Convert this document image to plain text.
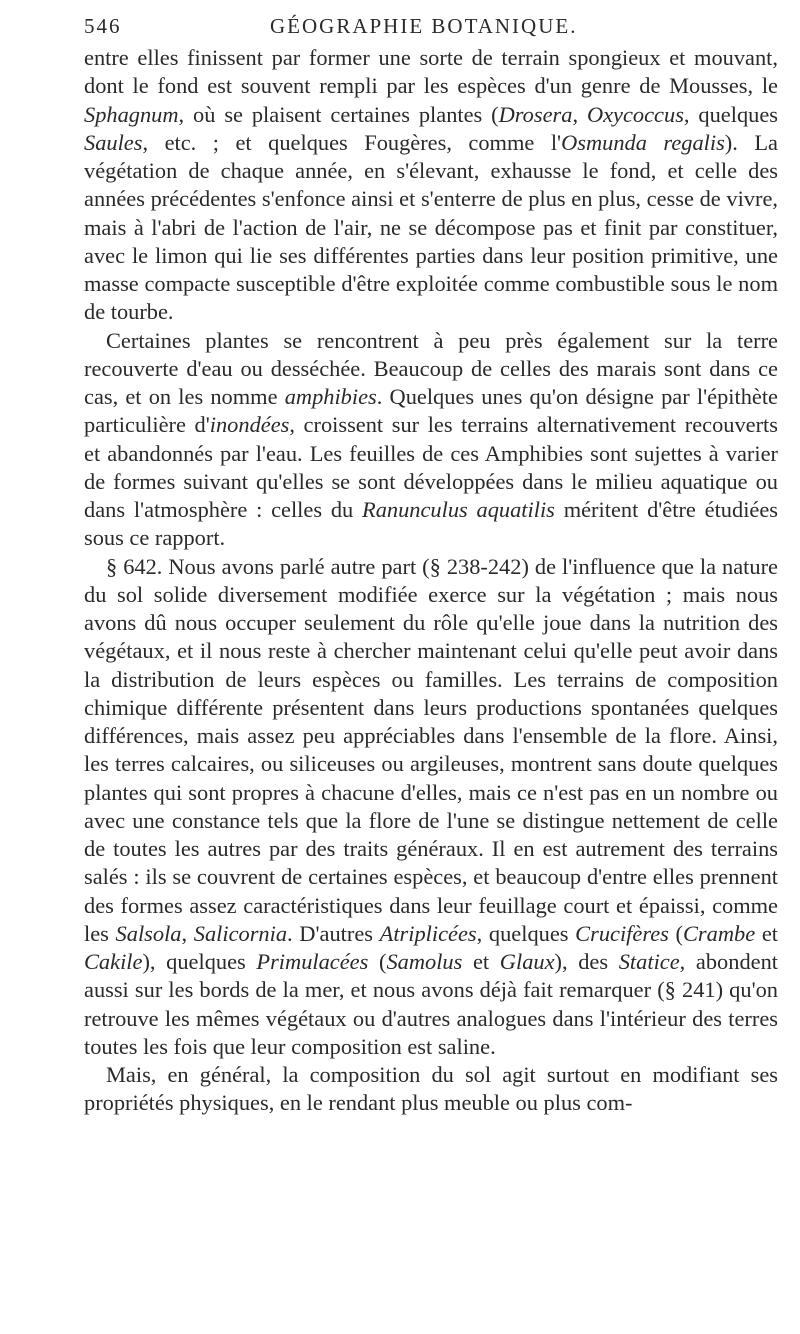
546	GÉOGRAPHIE BOTANIQUE.

entre elles finissent par former une sorte de terrain spongieux et mouvant, dont le fond est souvent rempli par les espèces d'un genre de Mousses, le Sphagnum, où se plaisent certaines plantes (Drosera, Oxycoccus, quelques Saules, etc. ; et quelques Fougères, comme l'Osmunda regalis). La végétation de chaque année, en s'élevant, exhausse le fond, et celle des années précédentes s'enfonce ainsi et s'enterre de plus en plus, cesse de vivre, mais à l'abri de l'action de l'air, ne se décompose pas et finit par constituer, avec le limon qui lie ses différentes parties dans leur position primitive, une masse compacte susceptible d'être exploitée comme combustible sous le nom de tourbe.

Certaines plantes se rencontrent à peu près également sur la terre recouverte d'eau ou desséchée. Beaucoup de celles des marais sont dans ce cas, et on les nomme amphibies. Quelques unes qu'on désigne par l'épithète particulière d'inondées, croissent sur les terrains alternativement recouverts et abandonnés par l'eau. Les feuilles de ces Amphibies sont sujettes à varier de formes suivant qu'elles se sont développées dans le milieu aquatique ou dans l'atmosphère : celles du Ranunculus aquatilis méritent d'être étudiées sous ce rapport.

§ 642. Nous avons parlé autre part (§ 238-242) de l'influence que la nature du sol solide diversement modifiée exerce sur la végétation ; mais nous avons dû nous occuper seulement du rôle qu'elle joue dans la nutrition des végétaux, et il nous reste à chercher maintenant celui qu'elle peut avoir dans la distribution de leurs espèces ou familles. Les terrains de composition chimique différente présentent dans leurs productions spontanées quelques différences, mais assez peu appréciables dans l'ensemble de la flore. Ainsi, les terres calcaires, ou siliceuses ou argileuses, montrent sans doute quelques plantes qui sont propres à chacune d'elles, mais ce n'est pas en un nombre ou avec une constance tels que la flore de l'une se distingue nettement de celle de toutes les autres par des traits généraux. Il en est autrement des terrains salés : ils se couvrent de certaines espèces, et beaucoup d'entre elles prennent des formes assez caractéristiques dans leur feuillage court et épaissi, comme les Salsola, Salicornia. D'autres Atriplicées, quelques Crucifères (Crambe et Cakile), quelques Primulacées (Samolus et Glaux), des Statice, abondent aussi sur les bords de la mer, et nous avons déjà fait remarquer (§ 241) qu'on retrouve les mêmes végétaux ou d'autres analogues dans l'intérieur des terres toutes les fois que leur composition est saline.

Mais, en général, la composition du sol agit surtout en modifiant ses propriétés physiques, en le rendant plus meuble ou plus com-
